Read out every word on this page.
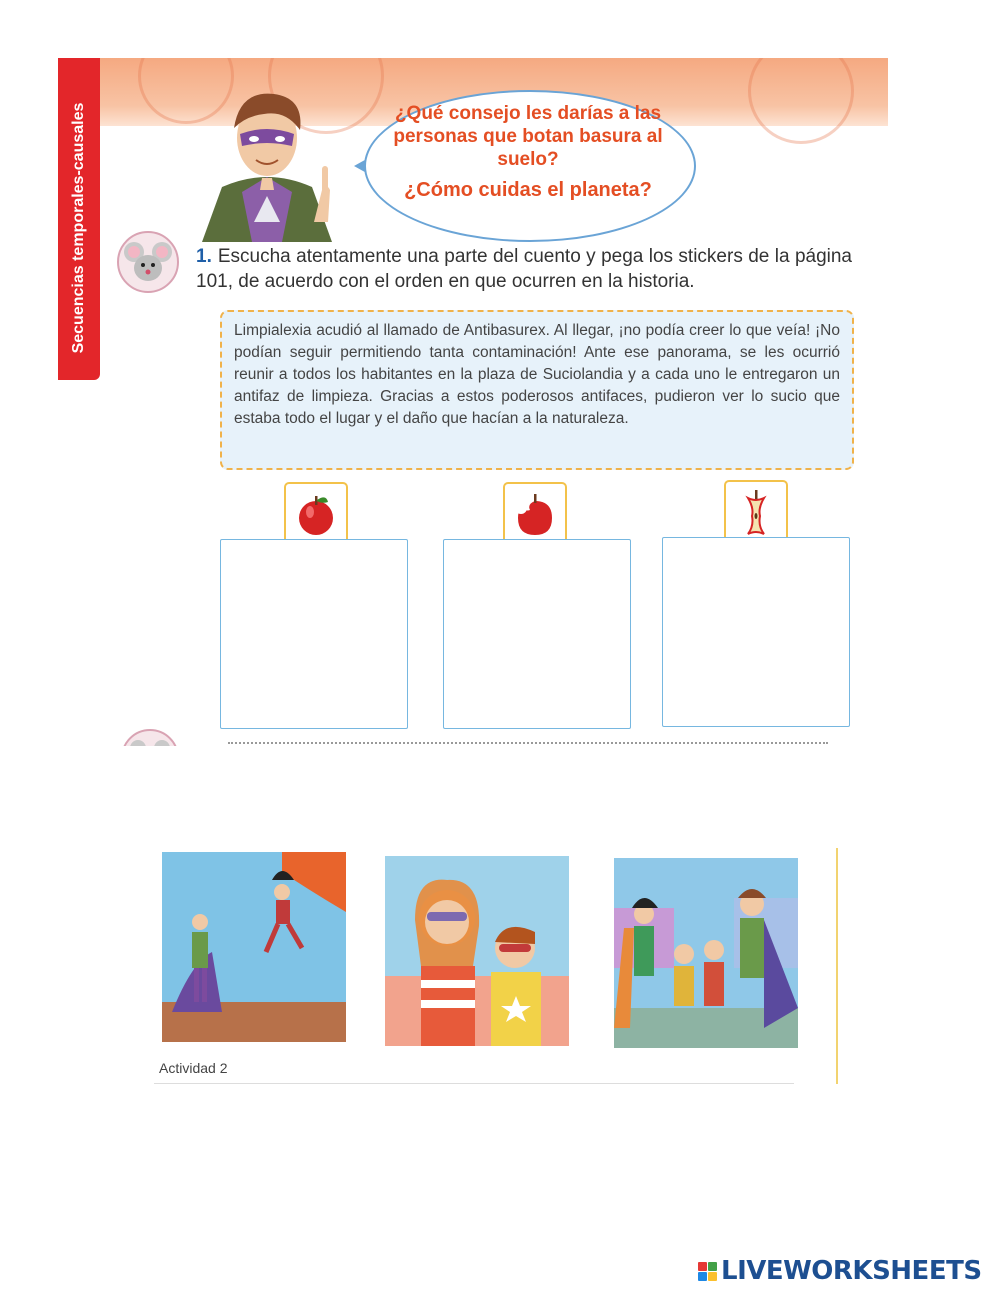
Secuencias temporales-causales	¿Qué consejo les darías a las personas que botan basura al suelo?
¿Cómo cuidas el planeta?
1. Escucha atentamente una parte del cuento y pega los stickers de la página 101, de acuerdo con el orden en que ocurren en la historia.

Limpialexia acudió al llamado de Antibasurex. Al llegar, ¡no podía creer lo que veía! ¡No podían seguir permitiendo tanta contaminación! Ante ese panorama, se les ocurrió reunir a todos los habitantes en la plaza de Suciolandia y a cada uno le entregaron un antifaz de limpieza. Gracias a estos poderosos antifaces, pudieron ver lo sucio que estaba todo el lugar y el daño que hacían a la naturaleza.

Actividad 2
LIVEWORKSHEETS
